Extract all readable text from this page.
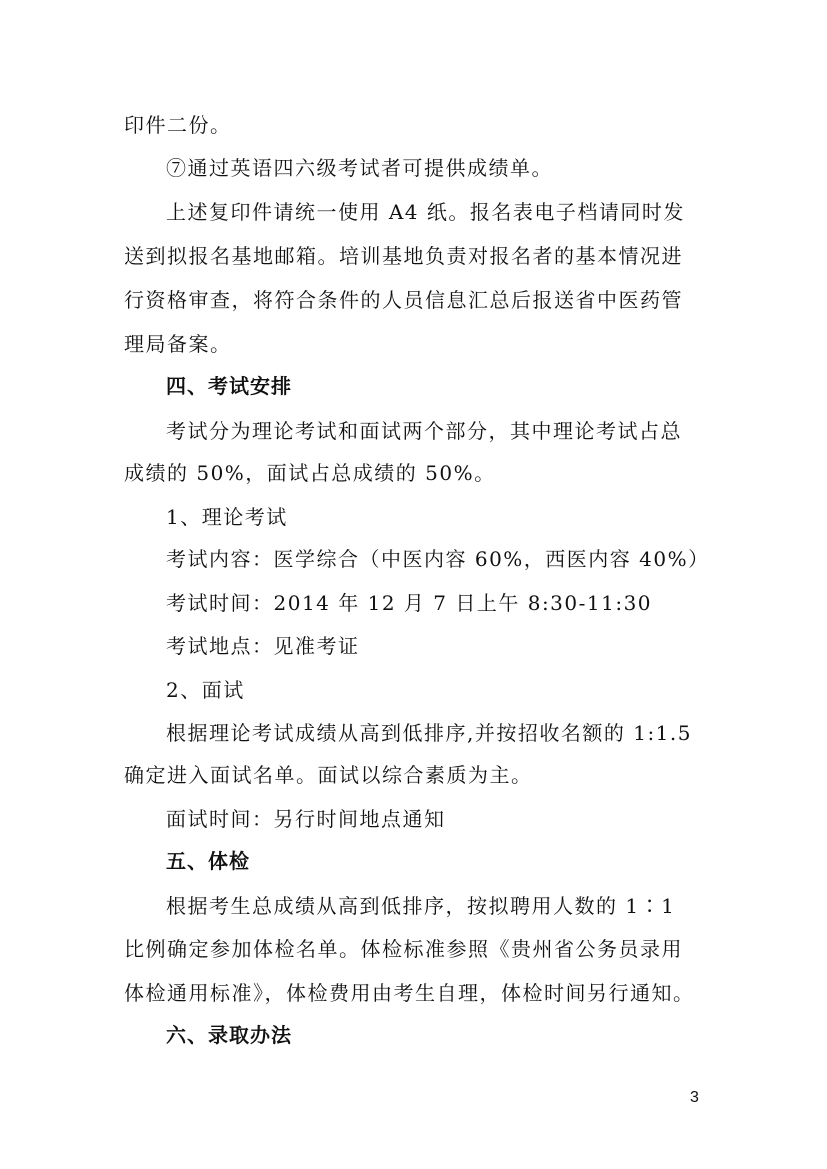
印件二份。
⑦通过英语四六级考试者可提供成绩单。
上述复印件请统一使用 A4 纸。报名表电子档请同时发
送到拟报名基地邮箱。培训基地负责对报名者的基本情况进
行资格审查，将符合条件的人员信息汇总后报送省中医药管
理局备案。
四、考试安排
考试分为理论考试和面试两个部分，其中理论考试占总
成绩的 50%，面试占总成绩的 50%。
1、理论考试
考试内容：医学综合（中医内容 60%，西医内容 40%）
考试时间：2014 年 12 月 7 日上午 8:30-11:30
考试地点：见准考证
2、面试
根据理论考试成绩从高到低排序,并按招收名额的 1:1.5
确定进入面试名单。面试以综合素质为主。
面试时间：另行时间地点通知
五、体检
根据考生总成绩从高到低排序，按拟聘用人数的 1∶1
比例确定参加体检名单。体检标准参照《贵州省公务员录用
体检通用标准》，体检费用由考生自理，体检时间另行通知。
六、录取办法
3
